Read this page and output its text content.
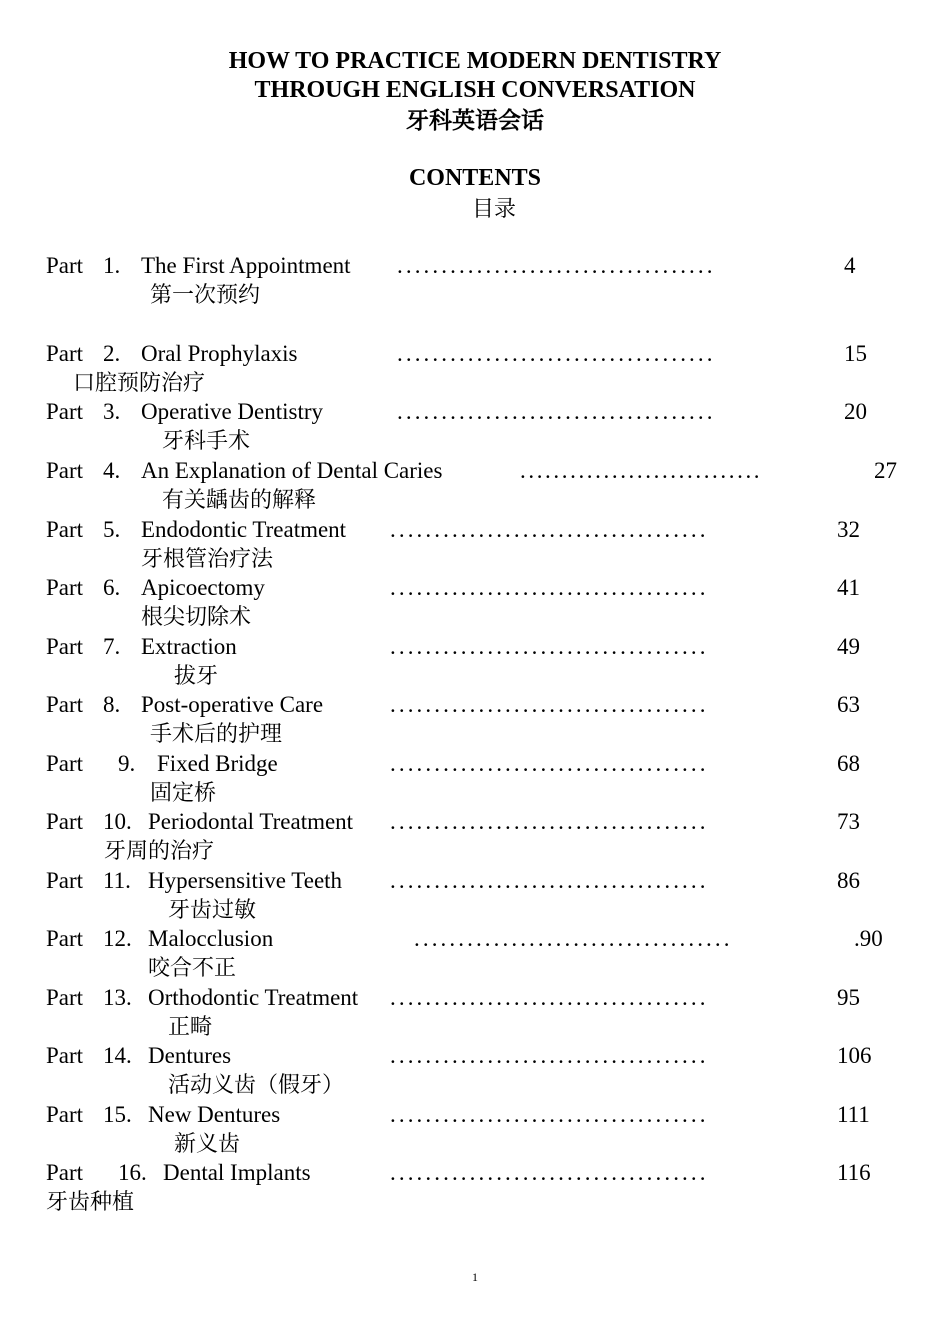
HOW TO PRACTICE MODERN DENTISTRY
THROUGH ENGLISH CONVERSATION
牙科英语会话
CONTENTS
目录
Part 1. The First Appointment ....................................	4
第一次预约
Part 2. Oral Prophylaxis	....................................	15
口腔预防治疗
Part 3. Operative Dentistry	....................................	20
牙科手术
Part 4. An Explanation of Dental Caries	.............................	27
有关龋齿的解释
Part 5. Endodontic Treatment ....................................	32
牙根管治疗法
Part 6. Apicoectomy	....................................	41
根尖切除术
Part 7. Extraction	....................................	49
拔牙
Part 8. Post-operative Care	....................................	63
手术后的护理
Part 9. Fixed Bridge	....................................	68
固定桥
Part 10. Periodontal Treatment ....................................	73
牙周的治疗
Part 11. Hypersensitive Teeth ....................................	86
牙齿过敏
Part 12. Malocclusion	....................................	.90
咬合不正
Part 13. Orthodontic Treatment ....................................	95
正畸
Part 14. Dentures	....................................	106
活动义齿（假牙）
Part 15. New Dentures	....................................	111
新义齿
Part 16. Dental Implants	....................................	116
牙齿种植
1
